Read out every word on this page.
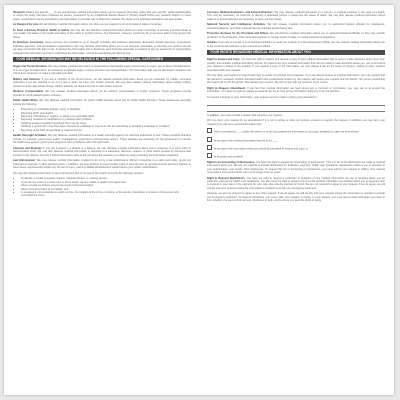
Research. Patient test permits ___ to use and disclose medical information about you for research purposes, either with your specific, written authorization or where the study has been reviewed for privacy protections by an Institutional Review Board or Privacy Board before any research begins. In some cases, researchers may be permitted to use information in a limited way to determine whether the study or the potential participants are appropriate.

As Required by Law. We will disclose medical information about you when we are required to do so by federal, state or local law.

To Avert a Serious Threat to Health or Safety. We may use and disclose medical information about you when necessary to prevent a serious threat to your health and safety or the health and safety of the public or another person. Any disclosure, however, would only be to someone able to help prevent the threat.

To Business Associates. Some services are provided to us or through contracts with business associates. Examples include attorneys, consultants, collection agencies, and accreditation organizations. We may disclose information about you to our business associates so that they can perform the job we have contracted with them to do. To protect the information that is disclosed, each business associate is required to sign an agreement to appropriately safeguard the information and not to redisclose the information, except as specifically permitted by law.

YOUR MEDICAL INFORMATION MAY BE RELEASED IN THE FOLLOWING SPECIAL CATEGORIES

Organ and Tissue Donation. We may release medical information to organizations that handle organ procurement or organ, eye or tissue transplantation, or to an organ donation bank, as necessary to facilitate organ or tissue donation and transplantation. The information that may be disclosed is limited to the information necessary to make a transplant possible.

Military and Veterans. If you are a member of the armed forces, we will release medical information about you as requested by military command authorities if we are required to do so by law or when we have your written consent. We may also release medical information about foreign military personnel to the appropriate foreign military authority as required by law or with written consent.

Workers' Compensation. We may release medical information about you for workers' compensation or similar programs. These programs provide benefits for work-related injuries or illness.

Public Health Risks. We may disclose medical information for public health activities about you for public health activities. These disclosures generally include the following:

• Preventing or controlling disease, injury or disability;
• Reporting births and deaths;
• Reporting child abuse or neglect, or abuse of a vulnerable adult;
• Reporting reactions to medications or problems with products;
• Notifying people of recalls of products they may be using;
• Notifying a person who may have been exposed to a disease or may be at risk for contracting or spreading a disease or condition;
• Reporting to the FDA as permitted or required by law.

Health Oversight Activities. We may disclose medical information to a health oversight agency for activities authorized by law. These oversight activities include, for example, government audits, investigations, inspections, and licensure actions. These activities are necessary for the government to monitor the health care system, government programs, and compliance with civil rights laws.

Lawsuits and Disputes. If you are involved in a lawsuit or a dispute, we may disclose medical information about you in response to a court order or administrative order. We may also disclose medical information in response to a subpoena, discovery request, or other lawful process by someone else involved in the dispute, but only if efforts have been made to tell you about the request or to obtain an order protecting the information requested.

Law Enforcement. We may release medical information if asked to do so by a law enforcement official in response to a valid court order, grand jury subpoena or warrant, or other lawful process. In addition, we may disclose to report certain types of wounds such as gunshot wounds and burn injuries. In most cases, approval will include only the fact of injury, and any additional disclosures would require your written authorization.

We may also disclose information to law enforcement that is not part of the health record for the following reasons:

• To identify or locate a suspect, fugitive, material witness, or missing person;
• If you are the victim of a crime and, in some cases, we are unable to obtain your agreement;
• About a death we believe may be the result of criminal conduct;
• About criminal conduct at our facility; and
• In emergency circumstances to report a crime, the location of the crime or victims, or the identity, description or location of the person who committed the crime.

Coroners, Medical Examiners, and Funeral Directors. We may release medical information to a coroner or medical examiner in the case of a death. This may be necessary, for example, to identify a deceased person or determine the cause of death. We may also release medical information about patients to funeral directors as necessary to carry out their duties.

National Security and Intelligence Activities. We will release medical information about you to authorized federal officials for intelligence, counterintelligence, and other national security activities authorized by law.

Protective Services for the President and Others. We will disclose medical information about you to authorized federal officials so they may provide protection to the President, other authorized persons or foreign heads of state, or conduct special investigations.

Inmates. If you are an inmate of a correctional institution or under the custody of a law enforcement official, we may release medical information about you to the correctional institution or law enforcement official.

YOUR RIGHTS REGARDING MEDICAL INFORMATION ABOUT YOU

Right to Inspect and Copy. You have the right to inspect and receive a copy of your medical information that is used to make decisions about your care. Usually, this includes medical and billing records. To inspect and copy medical information that may be used to make decisions about you, you must submit your request in writing to the practice. If you request a copy of the information, we may charge a fee for the costs of copying, mailing or other supplies associated with your request.

We may deny your request to inspect and copy in certain very limited circumstances. If you are denied access to medical information, you may request that the denial be reviewed. Another licensed health care professional chosen by the practice will review your request and the denial. The person conducting the review will not be the person who denied your request. We will comply with the outcome of the review.

Right to Request Amendment. If you feel that medical information we have about you is incorrect or incomplete, you may ask us to amend the information. You have the right to request an amendment for as long as the information is kept by or for the practice.

To request a change to your information, your request must be made in writing and submitted to:

In addition, you must provide a reason that supports your request.

We may deny your request for an amendment if it is not in writing or does not include a reason to support the request. In addition, we may deny your request if you ask us to amend information that:

Was not created by ___ unless the person or entity that created the information is no longer available to make the amendment;

Is not part of the medical information kept by or for ___;

Is not part of the information which you would be permitted to inspect and copy; or

Is accurate and complete.

Right to an Accounting of Disclosures. You have the right to request an "accounting of disclosures". This is a list of the disclosures we made of medical information about you. We are not required to include disclosures for treatment, payment, health care operations, disclosures made to you or pursuant to your authorization, and certain other disclosures. To request this list or accounting of disclosures, you must submit your request in writing. Your request must state a time period which may not be longer than six years.

Right to Request Restrictions. You have the right to request a restriction or limitation on the medical information we use or disclose about you for treatment, payment or health care operations. You also have the right to request a limit on the medical information we disclose about you to someone who is involved in your care or the payment for your care, like a family member or friend. We are not required to agree to your request. If we do agree, we will comply with your request unless the information is needed to provide you emergency treatment.

However, we are not required to agree to any other request. If we do agree, we will comply with your request unless the information is needed to provide you emergency treatment. To request restrictions, you must make your request in writing. In your request, you must tell us what information you want to limit, whether you want to limit our use, disclosure or both, and to whom you want the limits to apply.
